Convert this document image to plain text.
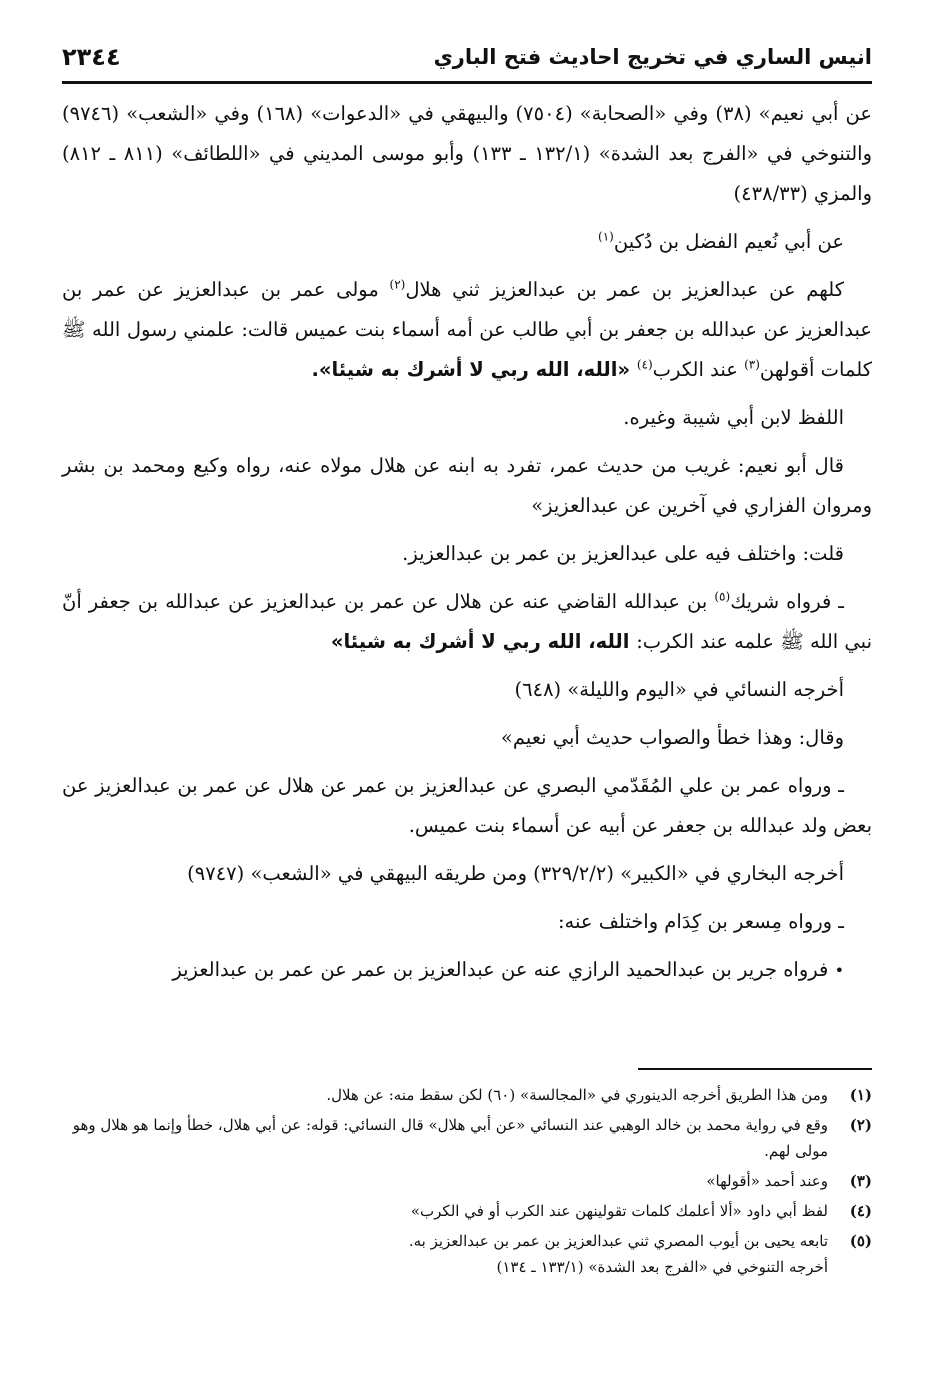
٢٣٤٤	انيس الساري في تخريج احاديث فتح الباري

عن أبي نعيم» (٣٨) وفي «الصحابة» (٧٥٠٤) والبيهقي في «الدعوات» (١٦٨) وفي «الشعب» (٩٧٤٦) والتنوخي في «الفرج بعد الشدة» (١٣٢/١ ـ ١٣٣) وأبو موسى المديني في «اللطائف» (٨١١ ـ ٨١٢) والمزي (٤٣٨/٣٣)

عن أبي نُعيم الفضل بن دُكين$^{(١)}$

كلهم عن عبدالعزيز بن عمر بن عبدالعزيز ثني هلال$^{(٢)}$ مولى عمر بن عبدالعزيز عن عمر بن عبدالعزيز عن عبدالله بن جعفر بن أبي طالب عن أمه أسماء بنت عميس قالت: علمني رسول الله ﷺ كلمات أقولهن$^{(٣)}$ عند الكرب$^{(٤)}$ «الله، الله ربي لا أشرك به شيئا».

اللفظ لابن أبي شيبة وغيره.

قال أبو نعيم: غريب من حديث عمر، تفرد به ابنه عن هلال مولاه عنه، رواه وكيع ومحمد بن بشر ومروان الفزاري في آخرين عن عبدالعزيز»

قلت: واختلف فيه على عبدالعزيز بن عمر بن عبدالعزيز.

ـ فرواه شريك$^{(٥)}$ بن عبدالله القاضي عنه عن هلال عن عمر بن عبدالعزيز عن عبدالله بن جعفر أنّ نبي الله ﷺ علمه عند الكرب: الله، الله ربي لا أشرك به شيئا»

أخرجه النسائي في «اليوم والليلة» (٦٤٨)

وقال: وهذا خطأ والصواب حديث أبي نعيم»

ـ ورواه عمر بن علي المُقَدّمي البصري عن عبدالعزيز بن عمر عن هلال عن عمر بن عبدالعزيز عن بعض ولد عبدالله بن جعفر عن أبيه عن أسماء بنت عميس.

أخرجه البخاري في «الكبير» (٣٢٩/٢/٢) ومن طريقه البيهقي في «الشعب» (٩٧٤٧)

ـ ورواه مِسعر بن كِدَام واختلف عنه:

• فرواه جرير بن عبدالحميد الرازي عنه عن عبدالعزيز بن عمر عن عمر بن عبدالعزيز

(١)
ومن هذا الطريق أخرجه الدينوري في «المجالسة» (٦٠) لكن سقط منه: عن هلال.
(٢)
وقع في رواية محمد بن خالد الوهبي عند النسائي «عن أبي هلال» قال النسائي: قوله: عن أبي هلال، خطأ وإنما هو هلال وهو مولى لهم.
(٣)
وعند أحمد «أقولها»
(٤)
لفظ أبي داود «ألا أعلمك كلمات تقولينهن عند الكرب أو في الكرب»
(٥)
تابعه يحيى بن أيوب المصري ثني عبدالعزيز بن عمر بن عبدالعزيز به.
أخرجه التنوخي في «الفرج بعد الشدة» (١٣٣/١ ـ ١٣٤)
